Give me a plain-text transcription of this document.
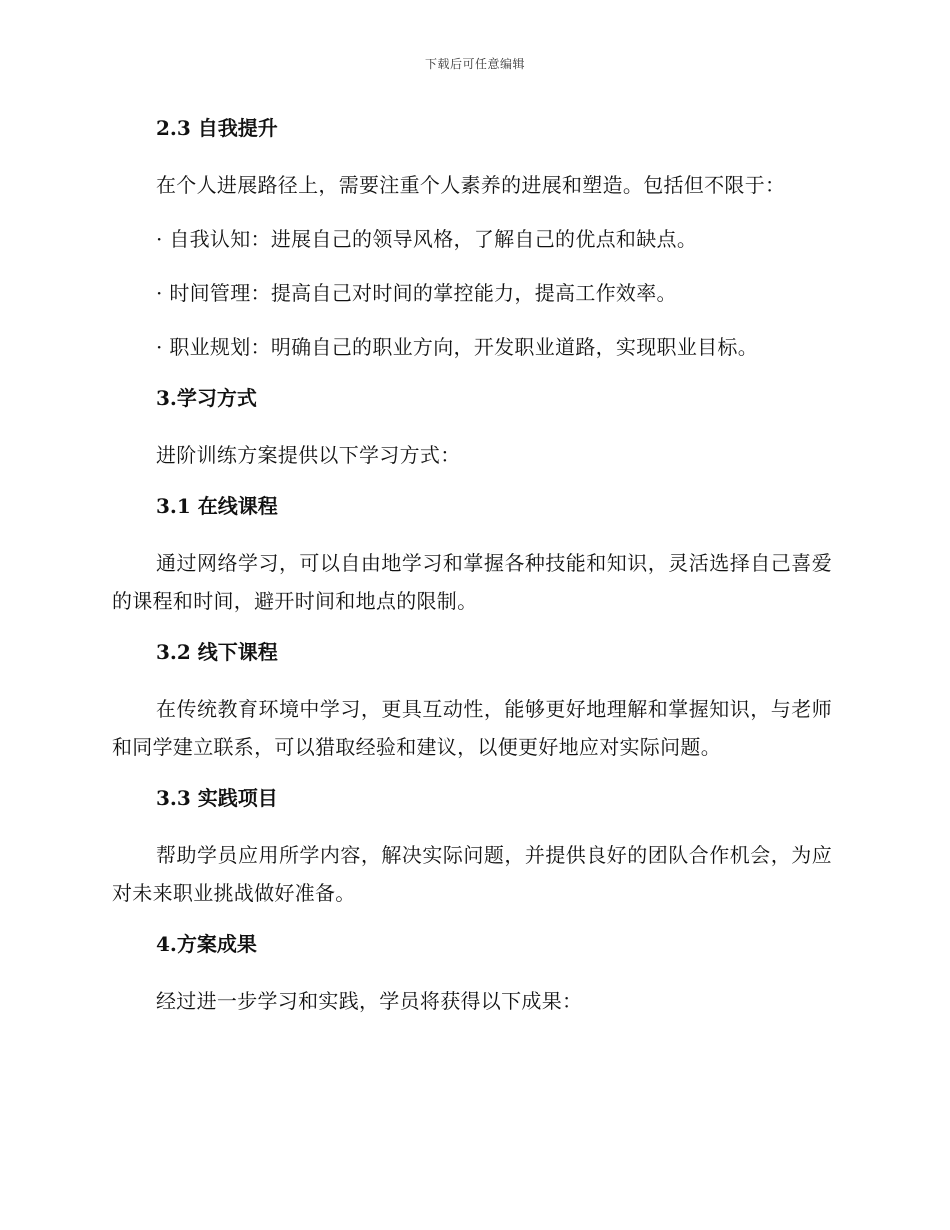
下载后可任意编辑
2.3 自我提升
在个人进展路径上，需要注重个人素养的进展和塑造。包括但不限于：
· 自我认知：进展自己的领导风格，了解自己的优点和缺点。
· 时间管理：提高自己对时间的掌控能力，提高工作效率。
· 职业规划：明确自己的职业方向，开发职业道路，实现职业目标。
3.学习方式
进阶训练方案提供以下学习方式：
3.1 在线课程
通过网络学习，可以自由地学习和掌握各种技能和知识，灵活选择自己喜爱的课程和时间，避开时间和地点的限制。
3.2 线下课程
在传统教育环境中学习，更具互动性，能够更好地理解和掌握知识，与老师和同学建立联系，可以猎取经验和建议，以便更好地应对实际问题。
3.3 实践项目
帮助学员应用所学内容，解决实际问题，并提供良好的团队合作机会，为应对未来职业挑战做好准备。
4.方案成果
经过进一步学习和实践，学员将获得以下成果：
